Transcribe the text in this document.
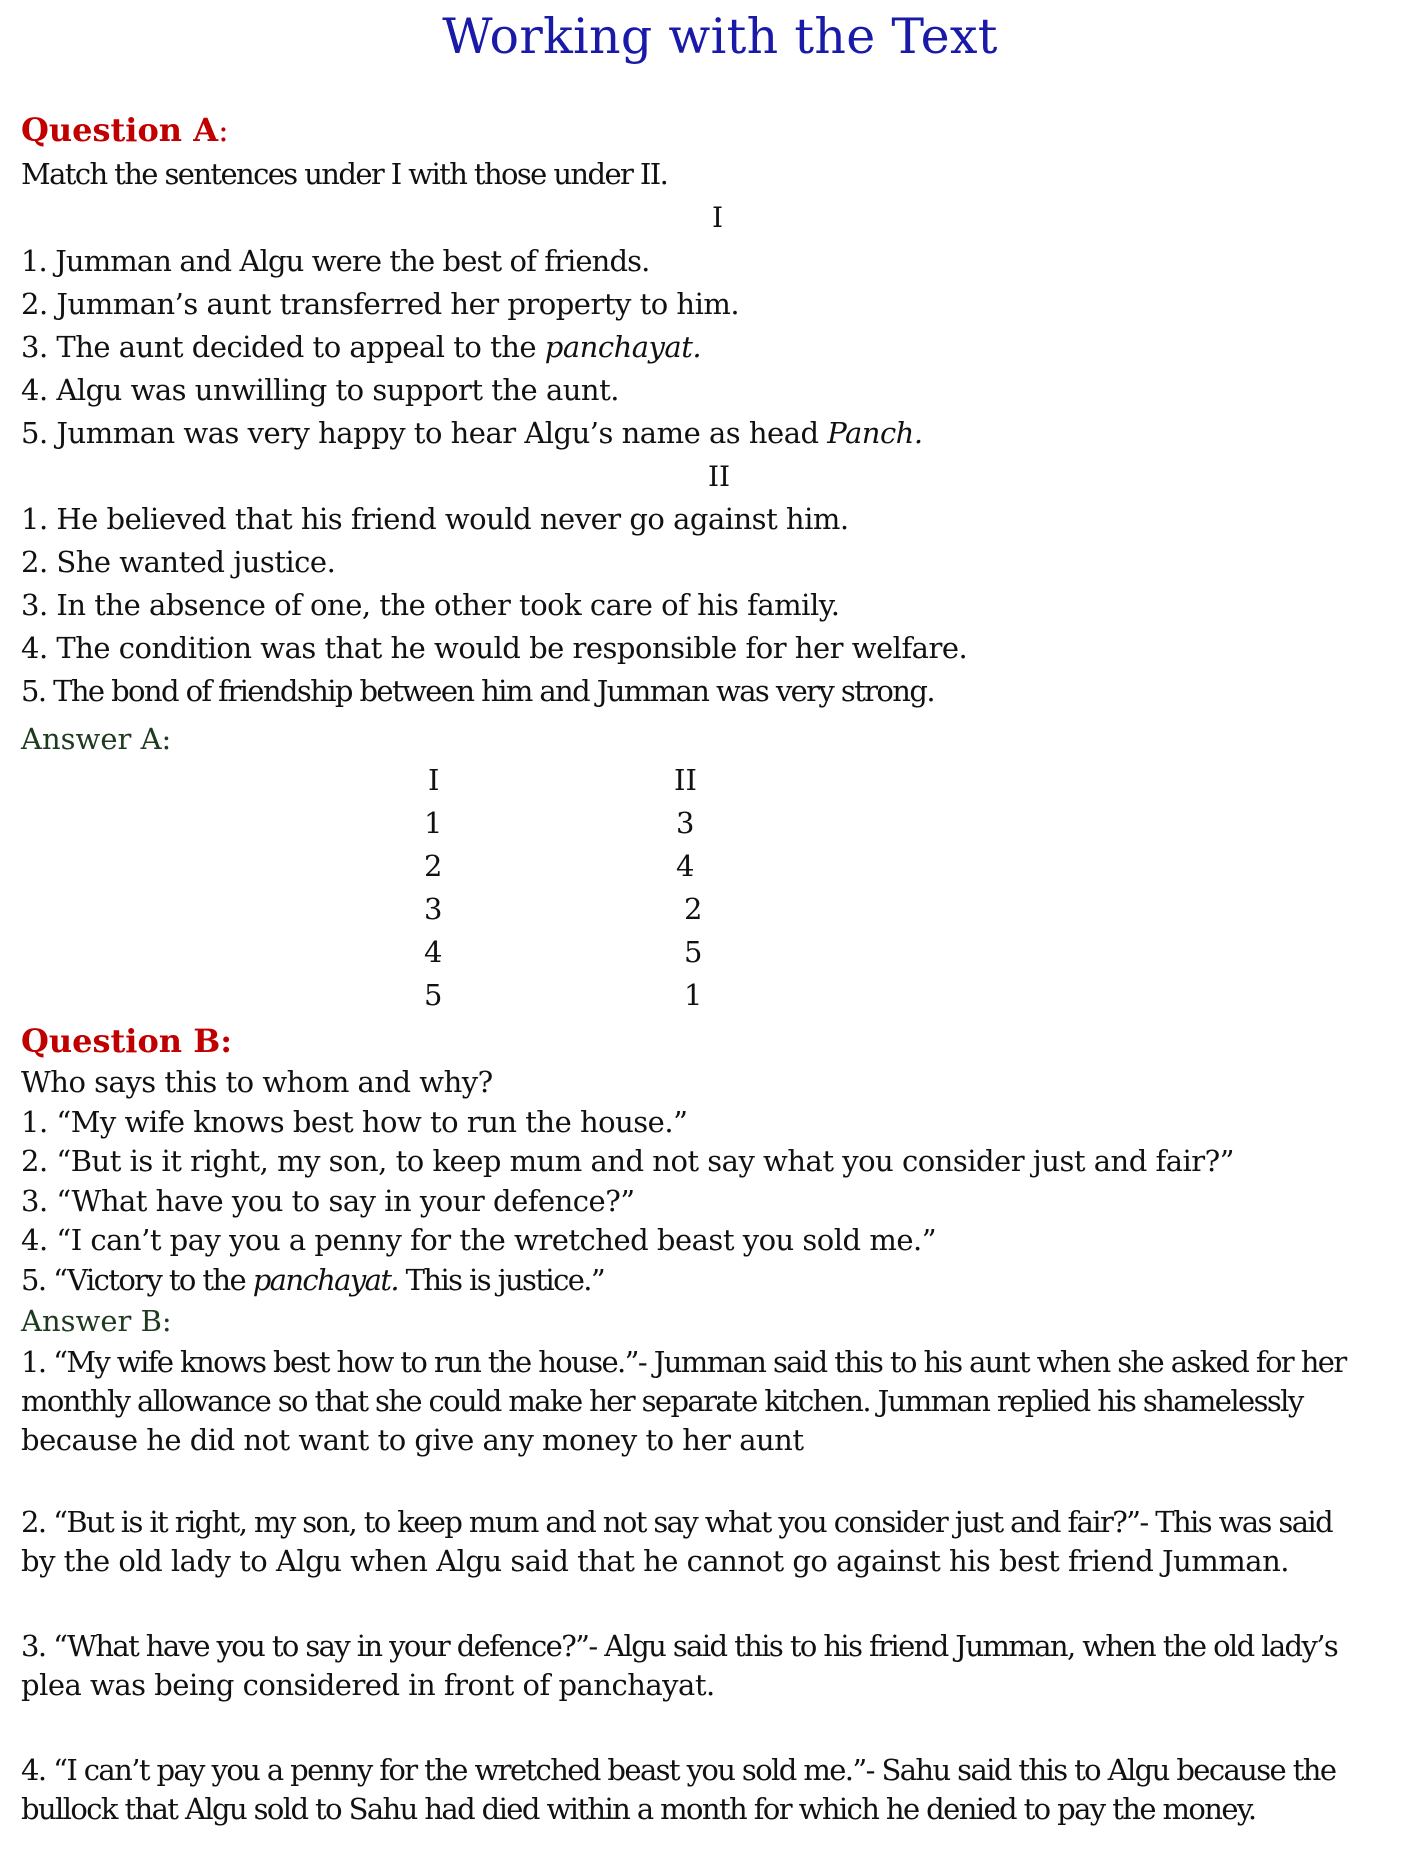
Working with the Text
Question A:
Match the sentences under I with those under II.
I
1. Jumman and Algu were the best of friends.
2. Jumman’s aunt transferred her property to him.
3. The aunt decided to appeal to the panchayat.
4. Algu was unwilling to support the aunt.
5. Jumman was very happy to hear Algu’s name as head Panch.
II
1. He believed that his friend would never go against him.
2. She wanted justice.
3. In the absence of one, the other took care of his family.
4. The condition was that he would be responsible for her welfare.
5. The bond of friendship between him and Jumman was very strong.
Answer A:
I	II
1	3
2	4
3	2
4	5
5	1
Question B:
Who says this to whom and why?
1. “My wife knows best how to run the house.”
2. “But is it right, my son, to keep mum and not say what you consider just and fair?”
3. “What have you to say in your defence?”
4. “I can’t pay you a penny for the wretched beast you sold me.”
5. “Victory to the panchayat. This is justice.”
Answer B:
1. “My wife knows best how to run the house.”- Jumman said this to his aunt when she asked for her
monthly allowance so that she could make her separate kitchen. Jumman replied his shamelessly
because he did not want to give any money to her aunt
2. “But is it right, my son, to keep mum and not say what you consider just and fair?”- This was said
by the old lady to Algu when Algu said that he cannot go against his best friend Jumman.
3. “What have you to say in your defence?”- Algu said this to his friend Jumman, when the old lady’s
plea was being considered in front of panchayat.
4. “I can’t pay you a penny for the wretched beast you sold me.”- Sahu said this to Algu because the
bullock that Algu sold to Sahu had died within a month for which he denied to pay the money.
